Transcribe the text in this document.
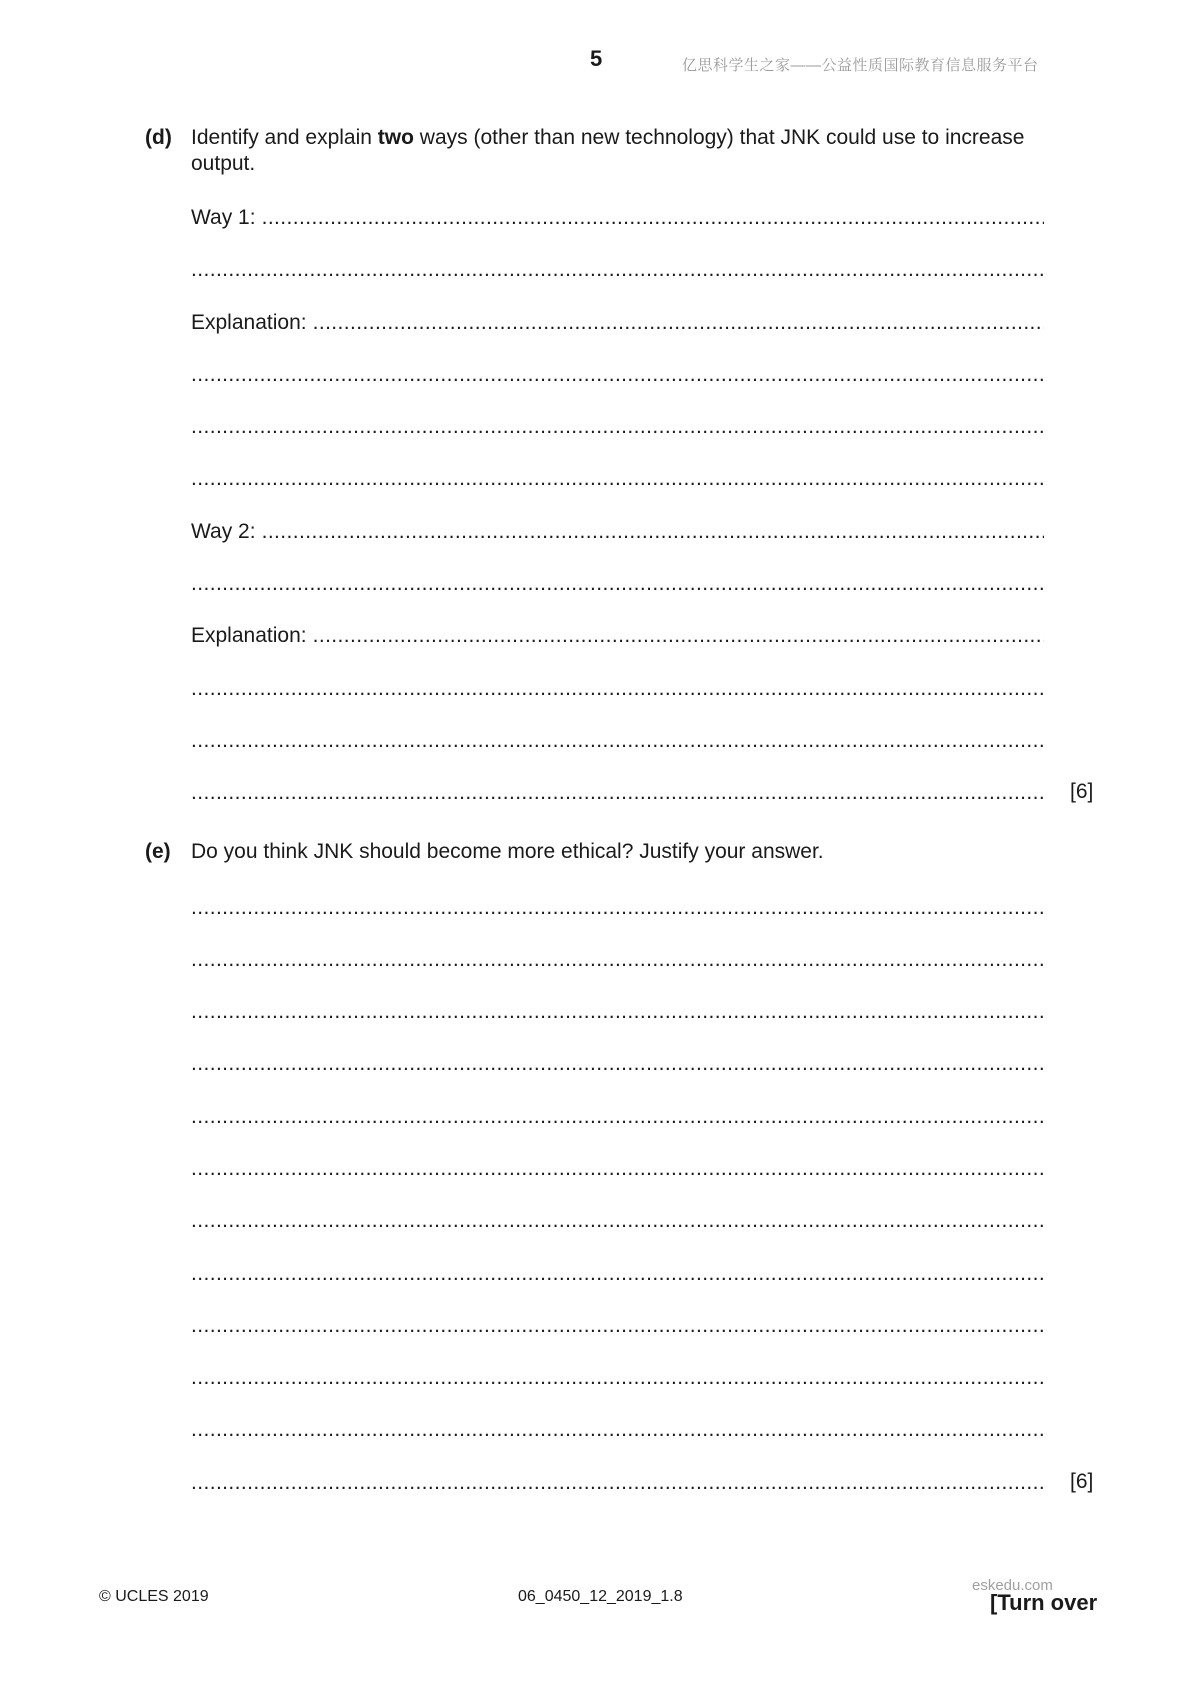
5	亿思科学生之家——公益性质国际教育信息服务平台
(d) Identify and explain two ways (other than new technology) that JNK could use to increase output.
Way 1:
.....
.....
Explanation:
.....
.....
.....
.....
Way 2:
.....
.....
Explanation:
.....
.....
.....
.....
[6]
(e) Do you think JNK should become more ethical? Justify your answer.
.....
.....
.....
.....
.....
.....
.....
.....
.....
.....
.....
.....
[6]
© UCLES 2019	06_0450_12_2019_1.8
eskedu.com
[Turn over
